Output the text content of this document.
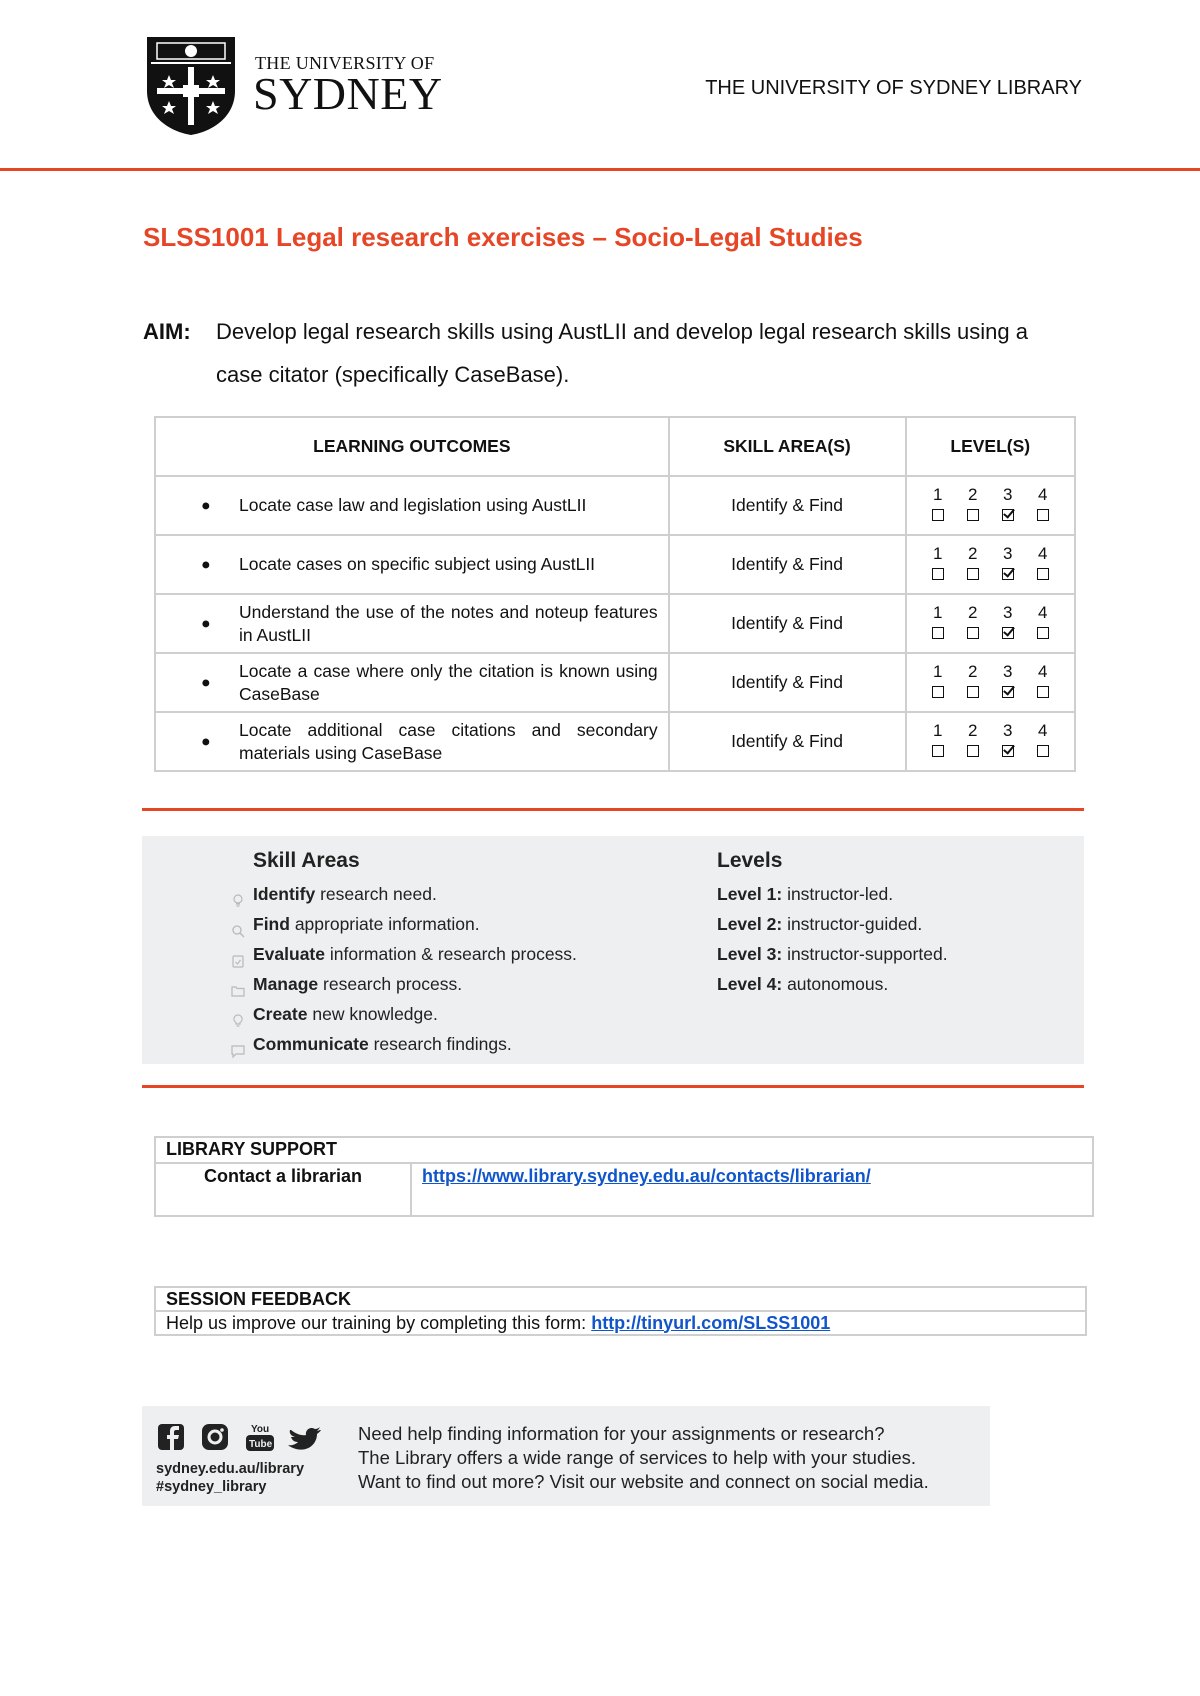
THE UNIVERSITY OF
SYDNEY	THE UNIVERSITY OF SYDNEY LIBRARY
SLSS1001 Legal research exercises – Socio-Legal Studies
AIM: Develop legal research skills using AustLII and develop legal research skills using a case citator (specifically CaseBase).
LEARNING OUTCOMES	SKILL AREA(S)	LEVEL(S)

● Locate case law and legislation using AustLII	Identify & Find	1 2 3 4

● Locate cases on specific subject using AustLII	Identify & Find	1 2 3 4

●
Understand the use of the notes and noteup features in AustLII	Identify & Find	1 2 3 4

●
Locate a case where only the citation is known using CaseBase	Identify & Find	1 2 3 4

●
Locate additional case citations and secondary materials using CaseBase	Identify & Find	1 2 3 4
Skill Areas
Identify research need.
Find appropriate information.
Evaluate information & research process.
Manage research process.
Create new knowledge.
Communicate research findings.
Levels
Level 1: instructor-led.
Level 2: instructor-guided.
Level 3: instructor-supported.
Level 4: autonomous.
LIBRARY SUPPORT
Contact a librarian	https://www.library.sydney.edu.au/contacts/librarian/
SESSION FEEDBACK
Help us improve our training by completing this form: http://tinyurl.com/SLSS1001
You
Tube
sydney.edu.au/library
#sydney_library
Need help finding information for your assignments or research?
The Library offers a wide range of services to help with your studies.
Want to find out more? Visit our website and connect on social media.
